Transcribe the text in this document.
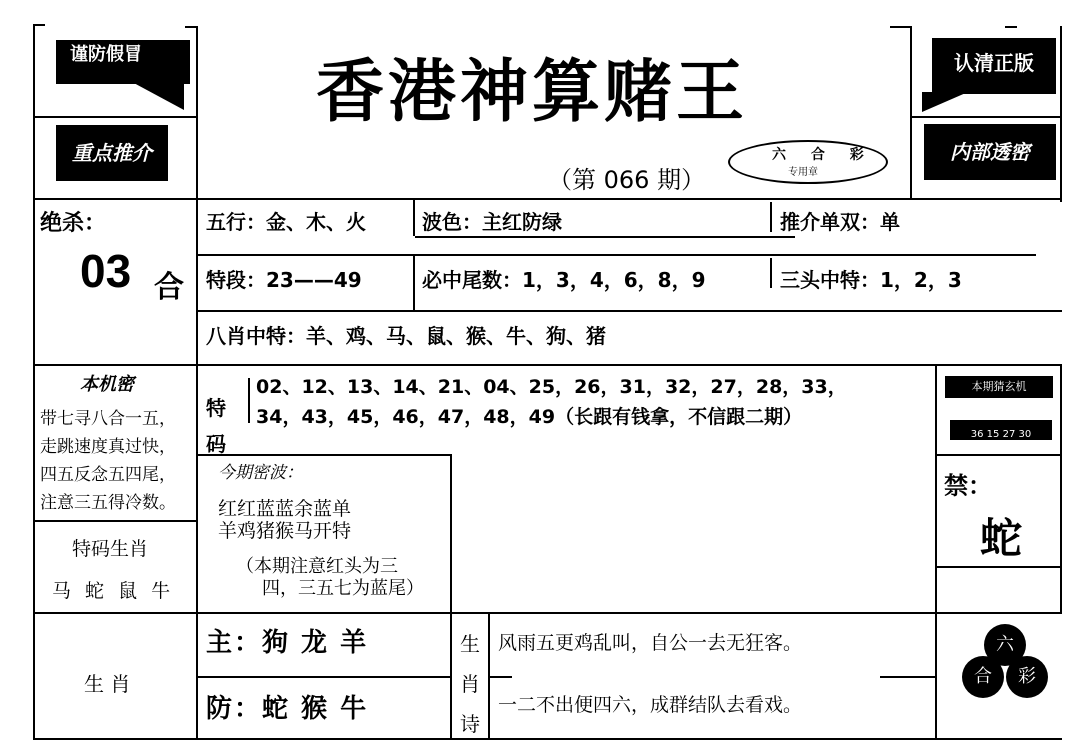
谨防假冒
重点推介
香港神算赌王
（第 066 期）
六 合 彩
专用章
认清正版
内部透密
绝杀：
03 合
五行：金、木、火	波色：主红防绿	推介单双：单
特段：23——49	必中尾数：1，3，4，6，8，9	三头中特：1，2，3
八肖中特：羊、鸡、马、鼠、猴、牛、狗、猪
本机密
带七寻八合一五，
走跳速度真过快，
四五反念五四尾，
注意三五得冷数。
特
码
02、12、13、14、21、04、25，26，31，32，27，28，33，
34，43，45，46，47，48，49（长跟有钱拿，不信跟二期）
今期密波：
红红蓝蓝余蓝单
羊鸡猪猴马开特
（本期注意红头为三
四，三五七为蓝尾）
特码生肖
马 蛇 鼠 牛
本期猜玄机
36 15 27 30
禁：
蛇
生 肖
主：狗 龙 羊
防：蛇 猴 牛
生
肖
诗
风雨五更鸡乱叫，自公一去无狂客。
一二不出便四六，成群结队去看戏。
六
合	彩
